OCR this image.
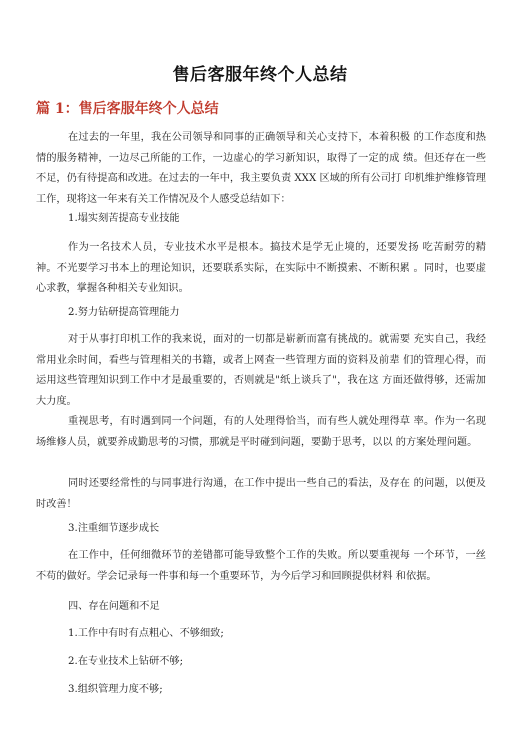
售后客服年终个人总结
篇 1：售后客服年终个人总结

在过去的一年里，我在公司领导和同事的正确领导和关心支持下，本着积极 的工作态度和热情的服务精神，一边尽己所能的工作，一边虚心的学习新知识，取得了一定的成 绩。但还存在一些不足，仍有待提高和改进。在过去的一年中，我主要负责 XXX 区域的所有公司打 印机维护维修管理工作，现将这一年来有关工作情况及个人感受总结如下：

1.塌实刻苦提高专业技能

作为一名技术人员，专业技术水平是根本。搞技术是学无止境的，还要发扬 吃苦耐劳的精神。不光要学习书本上的理论知识，还要联系实际，在实际中不断摸索、不断积累 。同时，也要虚心求教，掌握各种相关专业知识。

2.努力钻研提高管理能力

对于从事打印机工作的我来说，面对的一切都是崭新而富有挑战的。就需要 充实自己，我经常用业余时间，看些与管理相关的书籍，或者上网查一些管理方面的资料及前辈 们的管理心得，而运用这些管理知识到工作中才是最重要的，否则就是"纸上谈兵了"，我在这 方面还做得够，还需加大力度。

重视思考，有时遇到同一个问题，有的人处理得恰当，而有些人就处理得草 率。作为一名现场维修人员，就要养成勤思考的习惯，那就是平时碰到问题，要勤于思考，以以 的方案处理问题。

同时还要经常性的与同事进行沟通，在工作中提出一些自己的看法，及存在 的问题，以便及时改善！

3.注重细节逐步成长

在工作中，任何细微环节的差错都可能导致整个工作的失败。所以要重视每 一个环节，一丝不苟的做好。学会记录每一件事和每一个重要环节，为今后学习和回顾提供材料 和依据。

四、存在问题和不足

1.工作中有时有点粗心、不够细致;

2.在专业技术上钻研不够;

3.组织管理力度不够;
